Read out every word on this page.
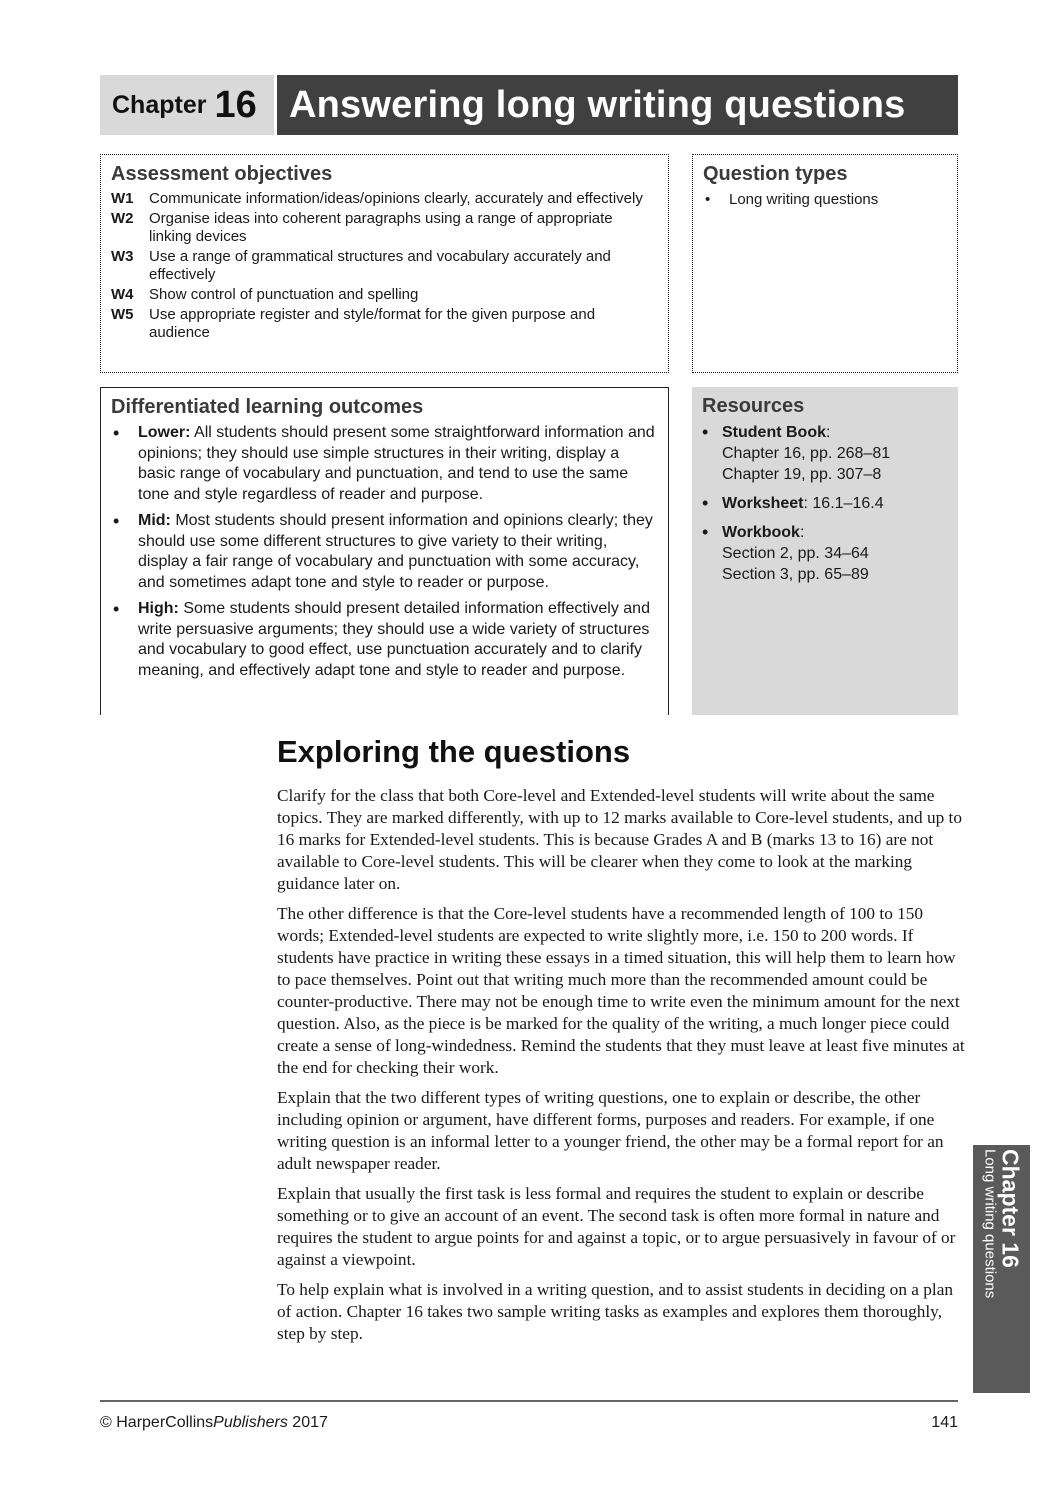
Chapter 16 Answering long writing questions
Assessment objectives
W1	Communicate information/ideas/opinions clearly, accurately and effectively
W2	Organise ideas into coherent paragraphs using a range of appropriate linking devices
W3	Use a range of grammatical structures and vocabulary accurately and effectively
W4	Show control of punctuation and spelling
W5	Use appropriate register and style/format for the given purpose and audience
Question types
•	Long writing questions
Differentiated learning outcomes
•	Lower: All students should present some straightforward information and opinions; they should use simple structures in their writing, display a basic range of vocabulary and punctuation, and tend to use the same tone and style regardless of reader and purpose.
•	Mid: Most students should present information and opinions clearly; they should use some different structures to give variety to their writing, display a fair range of vocabulary and punctuation with some accuracy, and sometimes adapt tone and style to reader or purpose.
•	High: Some students should present detailed information effectively and write persuasive arguments; they should use a wide variety of structures and vocabulary to good effect, use punctuation accurately and to clarify meaning, and effectively adapt tone and style to reader and purpose.
Resources
• Student Book:
Chapter 16, pp. 268–81
Chapter 19, pp. 307–8
• Worksheet: 16.1–16.4
• Workbook:
Section 2, pp. 34–64
Section 3, pp. 65–89
Exploring the questions

Clarify for the class that both Core-level and Extended-level students will write about the same topics. They are marked differently, with up to 12 marks available to Core-level students, and up to 16 marks for Extended-level students. This is because Grades A and B (marks 13 to 16) are not available to Core-level students. This will be clearer when they come to look at the marking guidance later on.

The other difference is that the Core-level students have a recommended length of 100 to 150 words; Extended-level students are expected to write slightly more, i.e. 150 to 200 words. If students have practice in writing these essays in a timed situation, this will help them to learn how to pace themselves. Point out that writing much more than the recommended amount could be counter-productive. There may not be enough time to write even the minimum amount for the next question. Also, as the piece is be marked for the quality of the writing, a much longer piece could create a sense of long-windedness. Remind the students that they must leave at least five minutes at the end for checking their work.

Explain that the two different types of writing questions, one to explain or describe, the other including opinion or argument, have different forms, purposes and readers. For example, if one writing question is an informal letter to a younger friend, the other may be a formal report for an adult newspaper reader.

Explain that usually the first task is less formal and requires the student to explain or describe something or to give an account of an event. The second task is often more formal in nature and requires the student to argue points for and against a topic, or to argue persuasively in favour of or against a viewpoint.

To help explain what is involved in a writing question, and to assist students in deciding on a plan of action. Chapter 16 takes two sample writing tasks as examples and explores them thoroughly, step by step.

Chapter 16
Long writing questions
© HarperCollinsPublishers 2017	141
